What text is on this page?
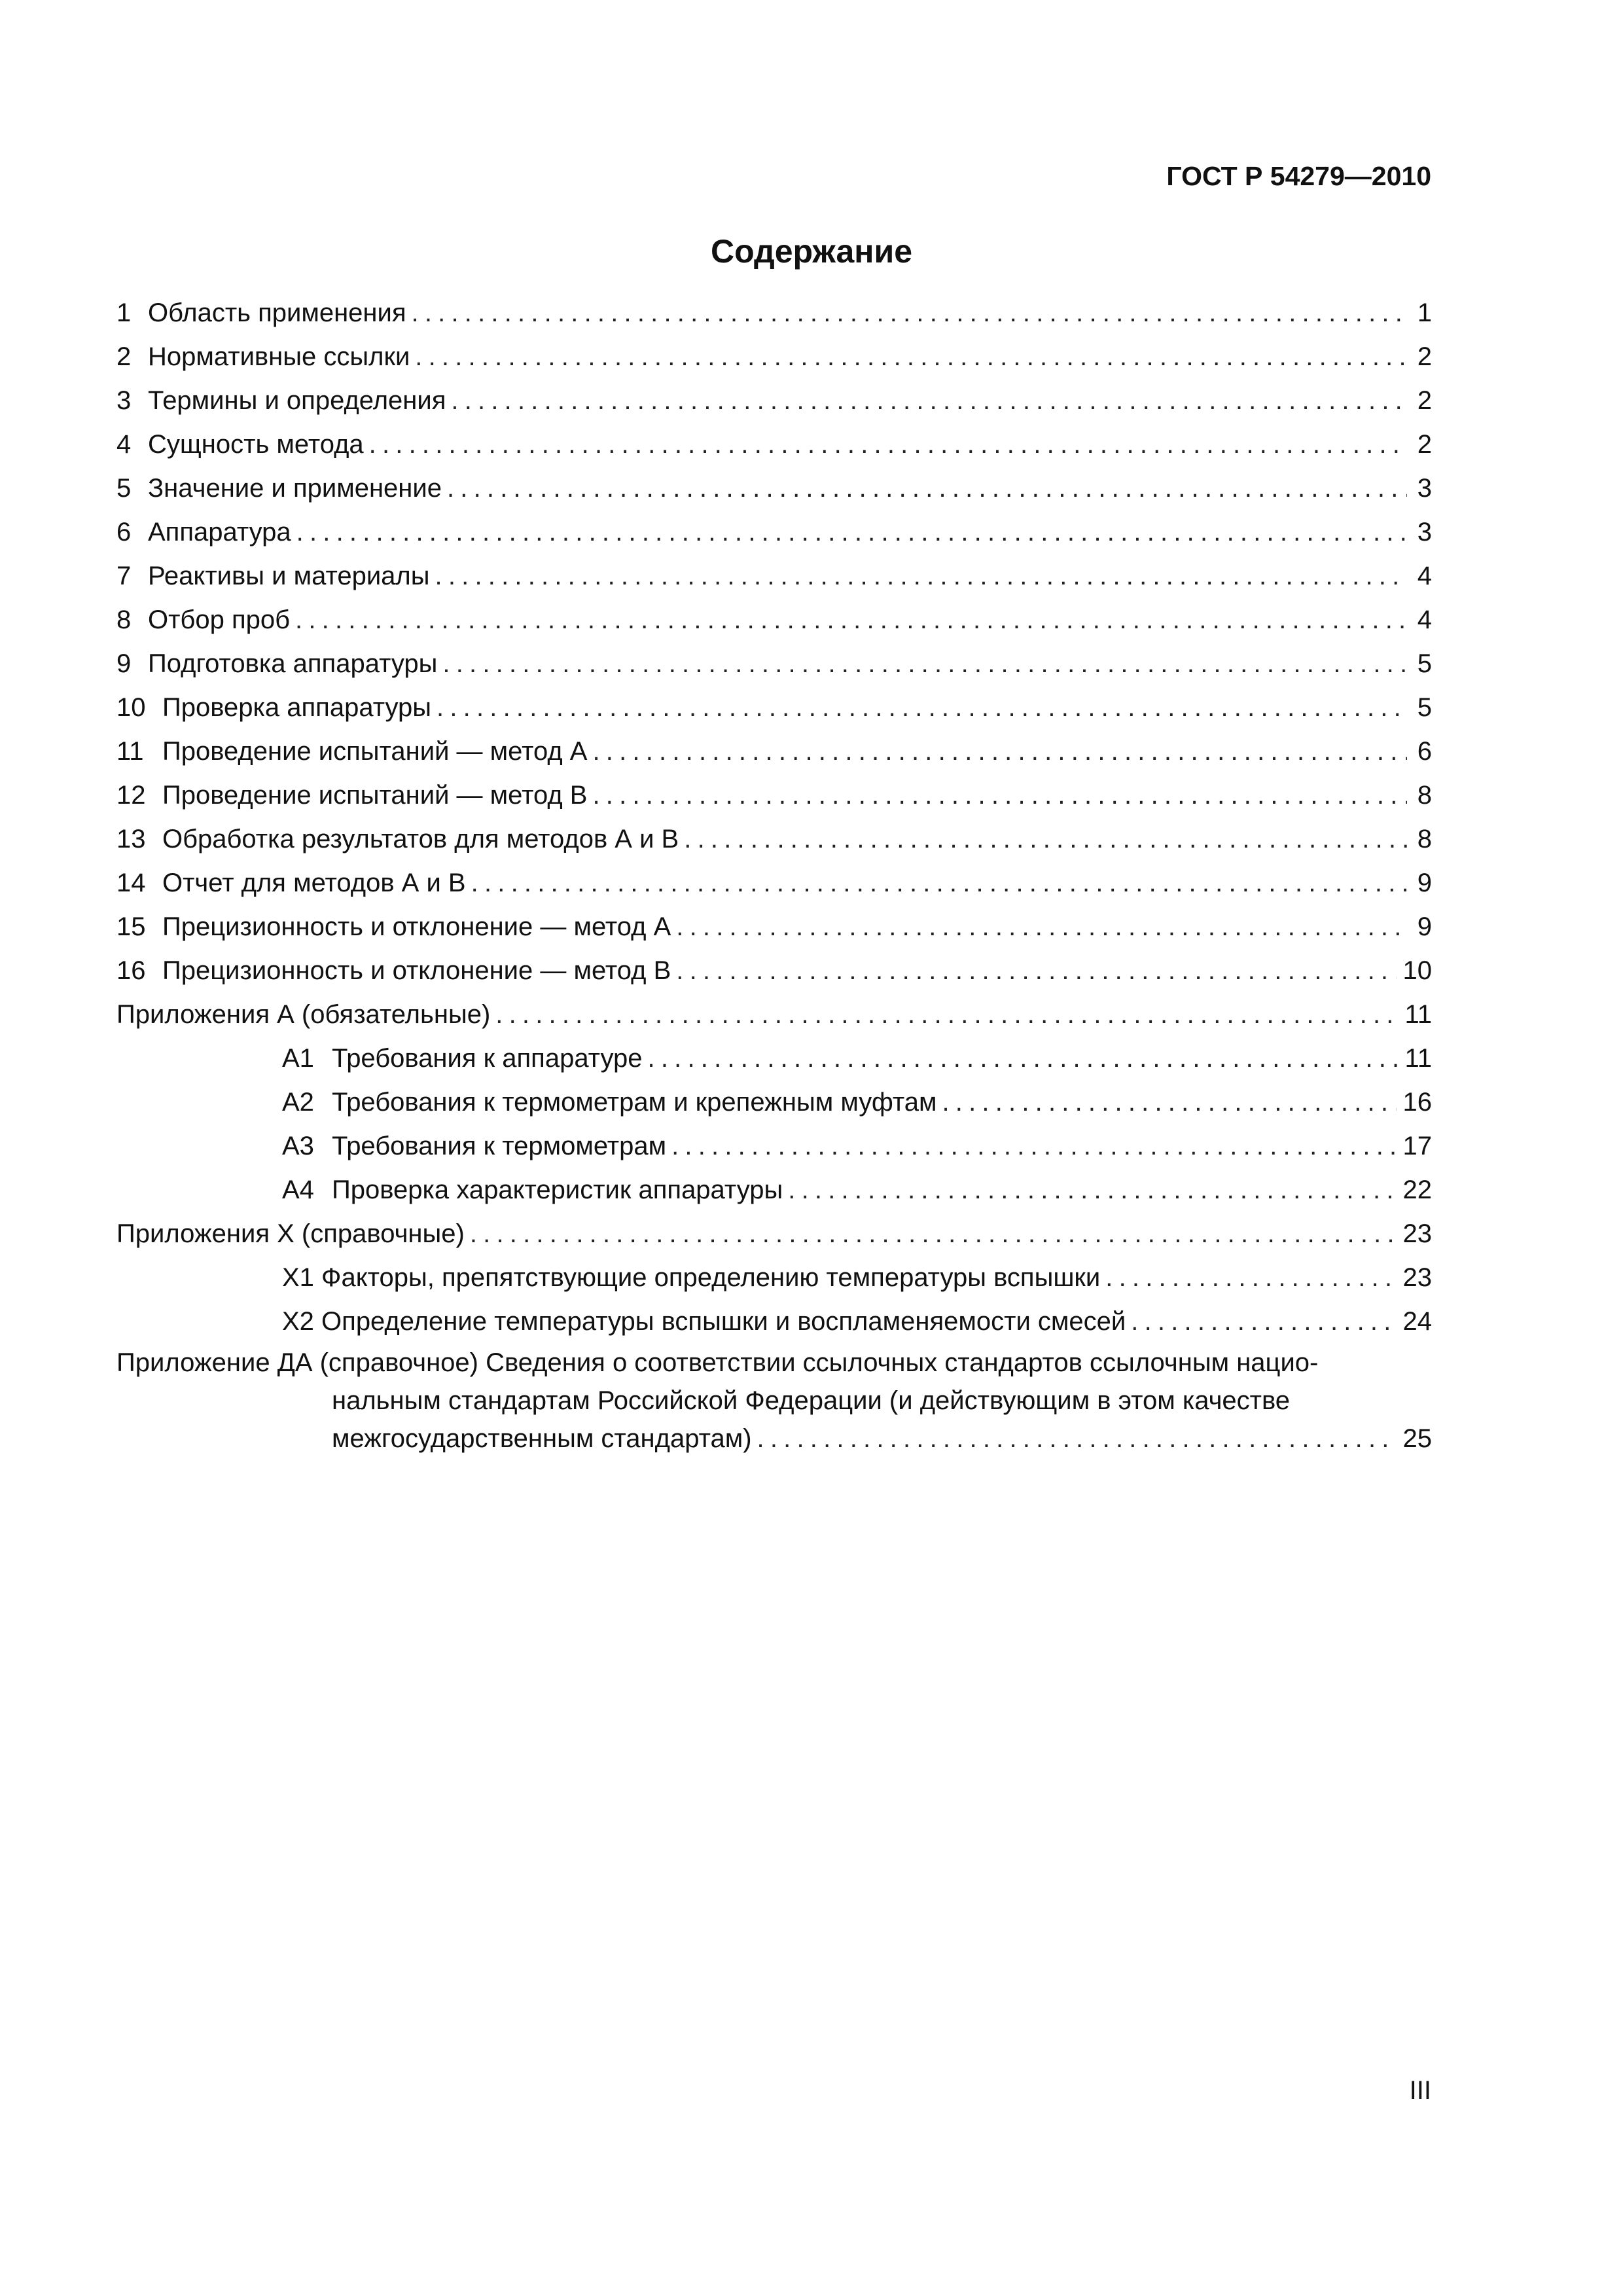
ГОСТ Р 54279—2010
Содержание
1 Область применения .....	1
2 Нормативные ссылки .....	2
3 Термины и определения .....	2
4 Сущность метода .....	2
5 Значение и применение .....	3
6 Аппаратура .....	3
7 Реактивы и материалы .....	4
8 Отбор проб .....	4
9 Подготовка аппаратуры .....	5
10 Проверка аппаратуры .....	5
11 Проведение испытаний — метод А .....	6
12 Проведение испытаний — метод В .....	8
13 Обработка результатов для методов А и В .....	8
14 Отчет для методов А и В .....	9
15 Прецизионность и отклонение — метод А .....	9
16 Прецизионность и отклонение — метод В .....	10
Приложения А (обязательные) .....	11
А1 Требования к аппаратуре .....	11
А2 Требования к термометрам и крепежным муфтам .....	16
А3 Требования к термометрам .....	17
А4 Проверка характеристик аппаратуры .....	22
Приложения X (справочные) .....	23
X1 Факторы, препятствующие определению температуры вспышки .....	23
X2 Определение температуры вспышки и воспламеняемости смесей .....	24
Приложение ДА (справочное) Сведения о соответствии ссылочных стандартов ссылочным нацио-
нальным стандартам Российской Федерации (и действующим в этом качестве
межгосударственным стандартам) .....	25
III
